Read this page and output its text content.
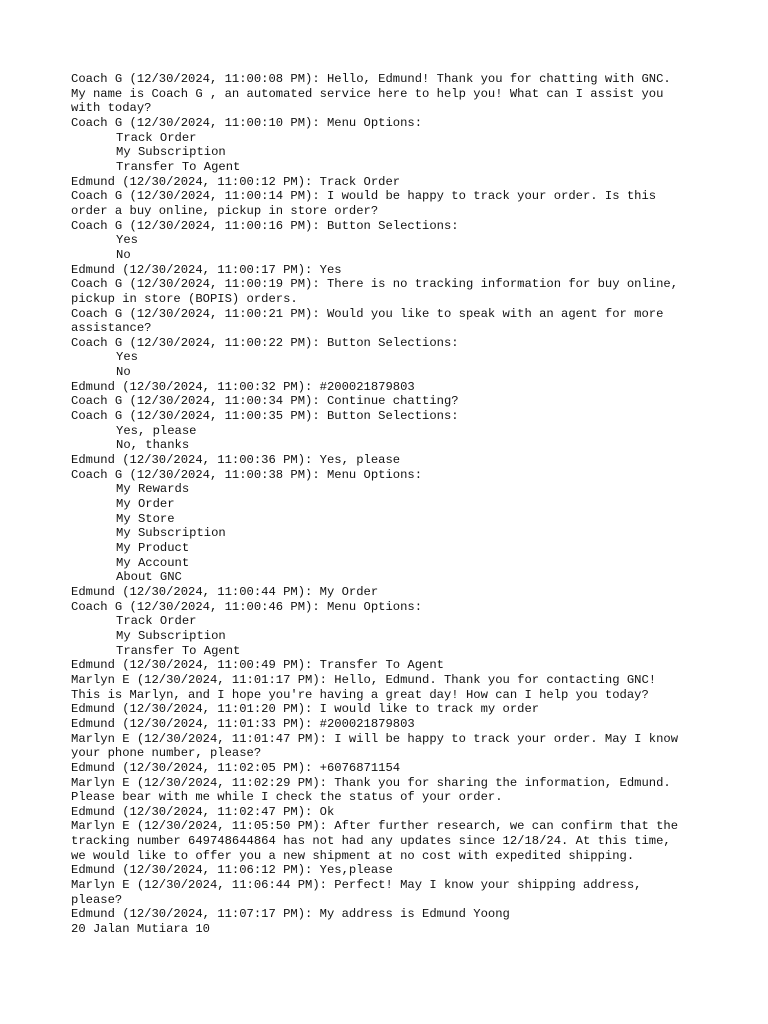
Coach G (12/30/2024, 11:00:08 PM): Hello, Edmund! Thank you for chatting with GNC.
My name is Coach G , an automated service here to help you! What can I assist you
with today?
Coach G (12/30/2024, 11:00:10 PM): Menu Options:
Track Order
My Subscription
Transfer To Agent
Edmund (12/30/2024, 11:00:12 PM): Track Order
Coach G (12/30/2024, 11:00:14 PM): I would be happy to track your order. Is this
order a buy online, pickup in store order?
Coach G (12/30/2024, 11:00:16 PM): Button Selections:
Yes
No
Edmund (12/30/2024, 11:00:17 PM): Yes
Coach G (12/30/2024, 11:00:19 PM): There is no tracking information for buy online,
pickup in store (BOPIS) orders.
Coach G (12/30/2024, 11:00:21 PM): Would you like to speak with an agent for more
assistance?
Coach G (12/30/2024, 11:00:22 PM): Button Selections:
Yes
No
Edmund (12/30/2024, 11:00:32 PM): #200021879803
Coach G (12/30/2024, 11:00:34 PM): Continue chatting?
Coach G (12/30/2024, 11:00:35 PM): Button Selections:
Yes, please
No, thanks
Edmund (12/30/2024, 11:00:36 PM): Yes, please
Coach G (12/30/2024, 11:00:38 PM): Menu Options:
My Rewards
My Order
My Store
My Subscription
My Product
My Account
About GNC
Edmund (12/30/2024, 11:00:44 PM): My Order
Coach G (12/30/2024, 11:00:46 PM): Menu Options:
Track Order
My Subscription
Transfer To Agent
Edmund (12/30/2024, 11:00:49 PM): Transfer To Agent
Marlyn E (12/30/2024, 11:01:17 PM): Hello, Edmund. Thank you for contacting GNC!
This is Marlyn, and I hope you're having a great day! How can I help you today?
Edmund (12/30/2024, 11:01:20 PM): I would like to track my order
Edmund (12/30/2024, 11:01:33 PM): #200021879803
Marlyn E (12/30/2024, 11:01:47 PM): I will be happy to track your order. May I know
your phone number, please?
Edmund (12/30/2024, 11:02:05 PM): +6076871154
Marlyn E (12/30/2024, 11:02:29 PM): Thank you for sharing the information, Edmund.
Please bear with me while I check the status of your order.
Edmund (12/30/2024, 11:02:47 PM): Ok
Marlyn E (12/30/2024, 11:05:50 PM): After further research, we can confirm that the
tracking number 649748644864 has not had any updates since 12/18/24. At this time,
we would like to offer you a new shipment at no cost with expedited shipping.
Edmund (12/30/2024, 11:06:12 PM): Yes,please
Marlyn E (12/30/2024, 11:06:44 PM): Perfect! May I know your shipping address,
please?
Edmund (12/30/2024, 11:07:17 PM): My address is Edmund Yoong
20 Jalan Mutiara 10
